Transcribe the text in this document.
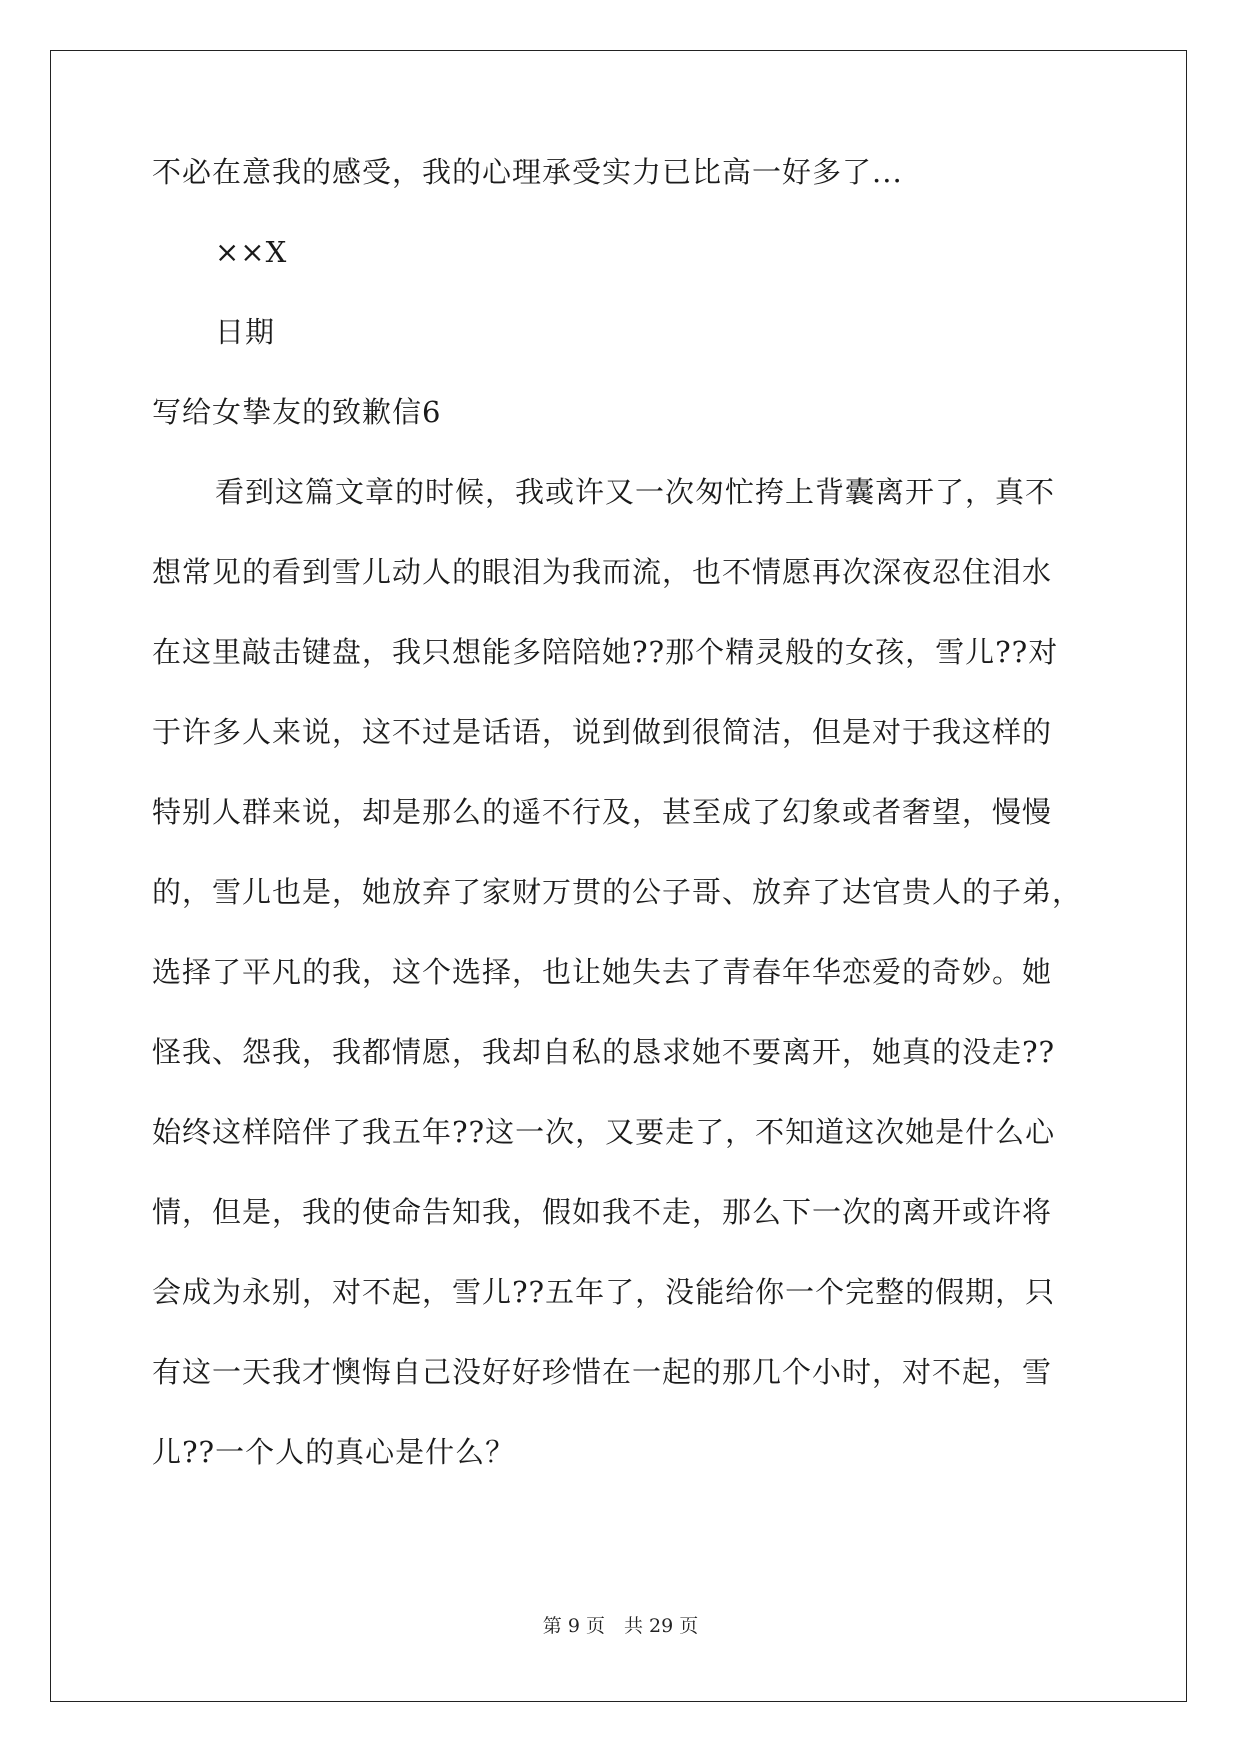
不必在意我的感受，我的心理承受实力已比高一好多了...
××X
日期
写给女挚友的致歉信6
看到这篇文章的时候，我或许又一次匆忙挎上背囊离开了，真不
想常见的看到雪儿动人的眼泪为我而流，也不情愿再次深夜忍住泪水
在这里敲击键盘，我只想能多陪陪她??那个精灵般的女孩，雪儿??对
于许多人来说，这不过是话语，说到做到很简洁，但是对于我这样的
特别人群来说，却是那么的遥不行及，甚至成了幻象或者奢望，慢慢
的，雪儿也是，她放弃了家财万贯的公子哥、放弃了达官贵人的子弟，
选择了平凡的我，这个选择，也让她失去了青春年华恋爱的奇妙。她
怪我、怨我，我都情愿，我却自私的恳求她不要离开，她真的没走??
始终这样陪伴了我五年??这一次，又要走了，不知道这次她是什么心
情，但是，我的使命告知我，假如我不走，那么下一次的离开或许将
会成为永别，对不起，雪儿??五年了，没能给你一个完整的假期，只
有这一天我才懊悔自己没好好珍惜在一起的那几个小时，对不起，雪
儿??一个人的真心是什么？
第 9 页　共 29 页
